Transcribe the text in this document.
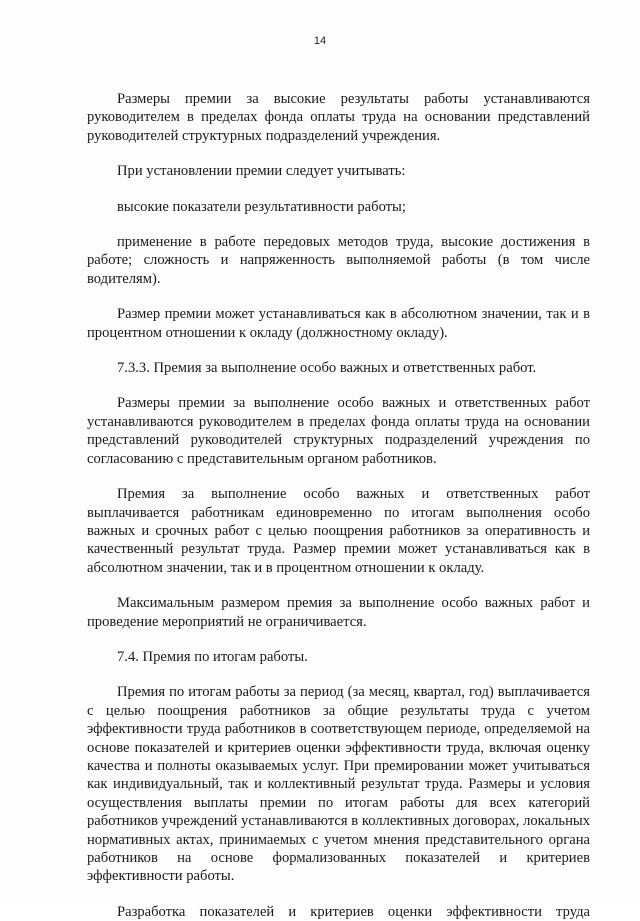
14

Размеры премии за высокие результаты работы устанавливаются руководителем в пределах фонда оплаты труда на основании представлений руководителей структурных подразделений учреждения.

При установлении премии следует учитывать:

высокие показатели результативности работы;

применение в работе передовых методов труда, высокие достижения в работе; сложность и напряженность выполняемой работы (в том числе водителям).

Размер премии может устанавливаться как в абсолютном значении, так и в процентном отношении к окладу (должностному окладу).

7.3.3. Премия за выполнение особо важных и ответственных работ.

Размеры премии за выполнение особо важных и ответственных работ устанавливаются руководителем в пределах фонда оплаты труда на основании представлений руководителей структурных подразделений учреждения по согласованию с представительным органом работников.

Премия за выполнение особо важных и ответственных работ выплачивается работникам единовременно по итогам выполнения особо важных и срочных работ с целью поощрения работников за оперативность и качественный результат труда. Размер премии может устанавливаться как в абсолютном значении, так и в процентном отношении к окладу.

Максимальным размером премия за выполнение особо важных работ и проведение мероприятий не ограничивается.

7.4. Премия по итогам работы.

Премия по итогам работы за период (за месяц, квартал, год) выплачивается с целью поощрения работников за общие результаты труда с учетом эффективности труда работников в соответствующем периоде, определяемой на основе показателей и критериев оценки эффективности труда, включая оценку качества и полноты оказываемых услуг. При премировании может учитываться как индивидуальный, так и коллективный результат труда. Размеры и условия осуществления выплаты премии по итогам работы для всех категорий работников учреждений устанавливаются в коллективных договорах, локальных нормативных актах, принимаемых с учетом мнения представительного органа работников на основе формализованных показателей и критериев эффективности работы.

Разработка показателей и критериев оценки эффективности труда
